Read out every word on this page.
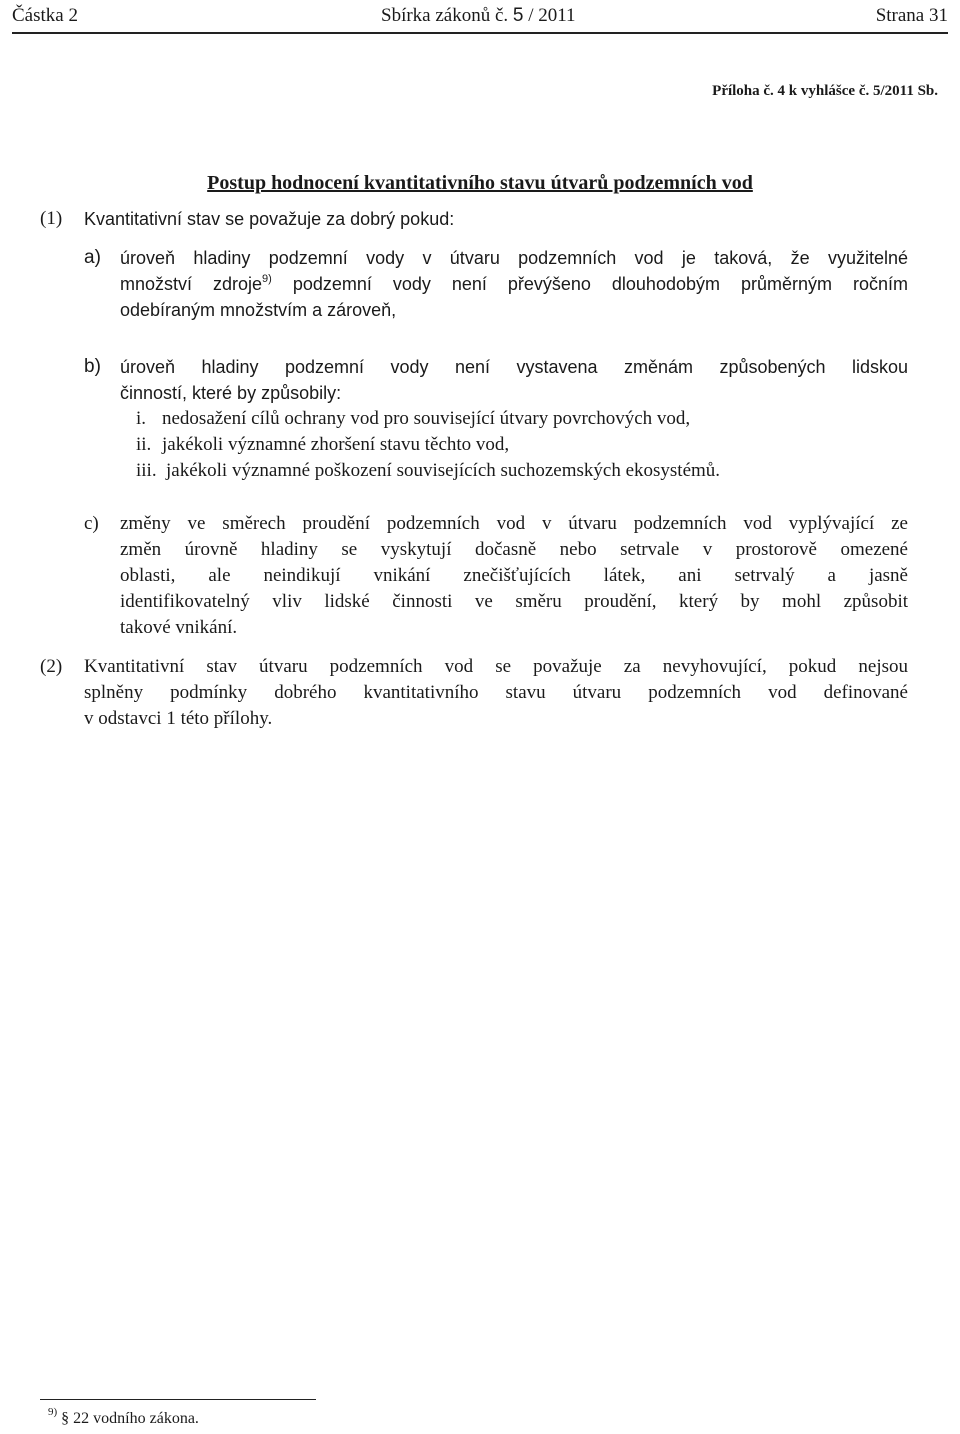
Částka 2	Sbírka zákonů č. 5 / 2011	Strana 31
Příloha č. 4 k vyhlášce č. 5/2011 Sb.
Postup hodnocení kvantitativního stavu útvarů podzemních vod
(1) Kvantitativní stav se považuje za dobrý pokud:
a) úroveň hladiny podzemní vody v útvaru podzemních vod je taková, že využitelné
množství zdroje$^{9)}$ podzemní vody není převýšeno dlouhodobým průměrným ročním
odebíraným množstvím a zároveň,
b) úroveň hladiny podzemní vody není vystavena změnám způsobených lidskou
činností, které by způsobily:
i. nedosažení cílů ochrany vod pro související útvary povrchových vod,
ii. jakékoli významné zhoršení stavu těchto vod,
iii. jakékoli významné poškození souvisejících suchozemských ekosystémů.
c) změny ve směrech proudění podzemních vod v útvaru podzemních vod vyplývající ze
změn úrovně hladiny se vyskytují dočasně nebo setrvale v prostorově omezené
oblasti, ale neindikují vnikání znečišťujících látek, ani setrvalý a jasně
identifikovatelný vliv lidské činnosti ve směru proudění, který by mohl způsobit
takové vnikání.
(2) Kvantitativní stav útvaru podzemních vod se považuje za nevyhovující, pokud nejsou
splněny podmínky dobrého kvantitativního stavu útvaru podzemních vod definované
v odstavci 1 této přílohy.
$^{9)}$ § 22 vodního zákona.
